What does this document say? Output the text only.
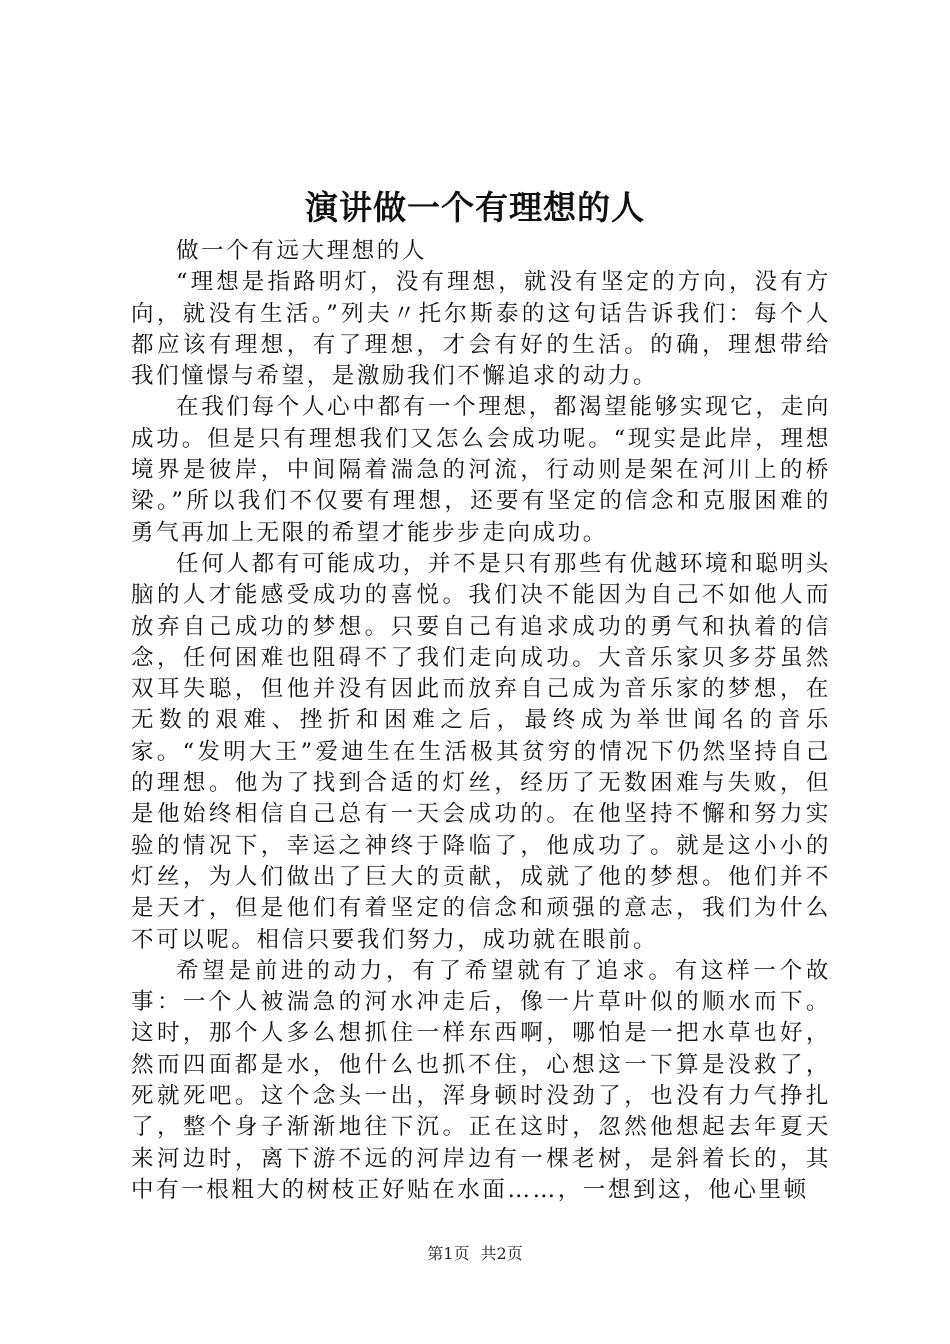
演讲做一个有理想的人

做一个有远大理想的人

“理想是指路明灯，没有理想，就没有坚定的方向，没有方向，就没有生活。”列夫〃托尔斯泰的这句话告诉我们：每个人都应该有理想，有了理想，才会有好的生活。的确，理想带给我们憧憬与希望，是激励我们不懈追求的动力。

在我们每个人心中都有一个理想，都渴望能够实现它，走向成功。但是只有理想我们又怎么会成功呢。“现实是此岸，理想境界是彼岸，中间隔着湍急的河流，行动则是架在河川上的桥梁。”所以我们不仅要有理想，还要有坚定的信念和克服困难的勇气再加上无限的希望才能步步走向成功。

任何人都有可能成功，并不是只有那些有优越环境和聪明头脑的人才能感受成功的喜悦。我们决不能因为自己不如他人而放弃自己成功的梦想。只要自己有追求成功的勇气和执着的信念，任何困难也阻碍不了我们走向成功。大音乐家贝多芬虽然双耳失聪，但他并没有因此而放弃自己成为音乐家的梦想，在无数的艰难、挫折和困难之后，最终成为举世闻名的音乐家。“发明大王”爱迪生在生活极其贫穷的情况下仍然坚持自己的理想。他为了找到合适的灯丝，经历了无数困难与失败，但是他始终相信自己总有一天会成功的。在他坚持不懈和努力实验的情况下，幸运之神终于降临了，他成功了。就是这小小的灯丝，为人们做出了巨大的贡献，成就了他的梦想。他们并不是天才，但是他们有着坚定的信念和顽强的意志，我们为什么不可以呢。相信只要我们努力，成功就在眼前。

希望是前进的动力，有了希望就有了追求。有这样一个故事：一个人被湍急的河水冲走后，像一片草叶似的顺水而下。这时，那个人多么想抓住一样东西啊，哪怕是一把水草也好，然而四面都是水，他什么也抓不住，心想这一下算是没救了，死就死吧。这个念头一出，浑身顿时没劲了，也没有力气挣扎了，整个身子渐渐地往下沉。正在这时，忽然他想起去年夏天来河边时，离下游不远的河岸边有一棵老树，是斜着长的，其中有一根粗大的树枝正好贴在水面……，一想到这，他心里顿

第1页 共2页
